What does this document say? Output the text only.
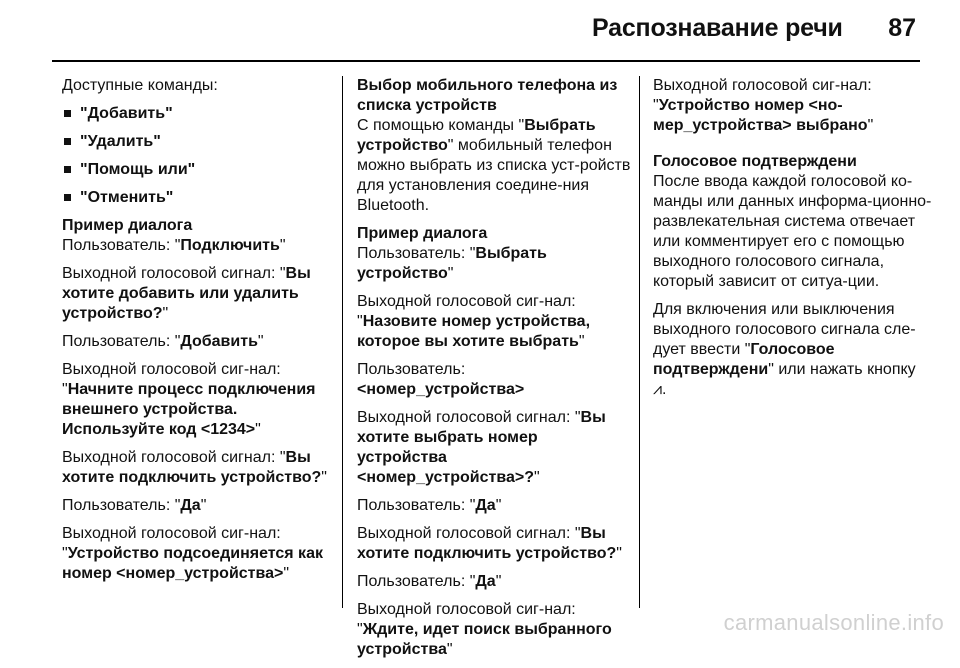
Распознавание речи 87

Доступные команды:

"Добавить"
"Удалить"
"Помощь или"
"Отменить"

Пример диалога

Пользователь: "Подключить"

Выходной голосовой сигнал: "Вы хотите добавить или удалить устройство?"

Пользователь: "Добавить"

Выходной голосовой сиг-нал: "Начните процесс подключения внешнего устройства. Используйте код <1234>"

Выходной голосовой сигнал: "Вы хотите подключить устройство?"

Пользователь: "Да"

Выходной голосовой сиг-нал: "Устройство подсоединяется как номер <номер_устройства>"

Выбор мобильного телефона из списка устройств

С помощью команды "Выбрать устройство" мобильный телефон можно выбрать из списка уст-ройств для установления соедине-ния Bluetooth.

Пример диалога

Пользователь: "Выбрать устройство"

Выходной голосовой сиг-нал: "Назовите номер устройства, которое вы хотите выбрать"

Пользователь:
<номер_устройства>

Выходной голосовой сигнал: "Вы хотите выбрать номер устройства <номер_устройства>?"

Пользователь: "Да"

Выходной голосовой сигнал: "Вы хотите подключить устройство?"

Пользователь: "Да"

Выходной голосовой сиг-нал: "Ждите, идет поиск выбранного устройства"

Выходной голосовой сиг-нал: "Устройство номер <но-мер_устройства> выбрано"

Голосовое подтверждени

После ввода каждой голосовой ко-манды или данных информа-ционно-развлекательная система отвечает или комментирует его с помощью выходного голосового сигнала, который зависит от ситуа-ции.

Для включения или выключения выходного голосового сигнала сле-дует ввести "Голосовое подтверждени" или нажать кнопку ⩘.

carmanualsonline.info
